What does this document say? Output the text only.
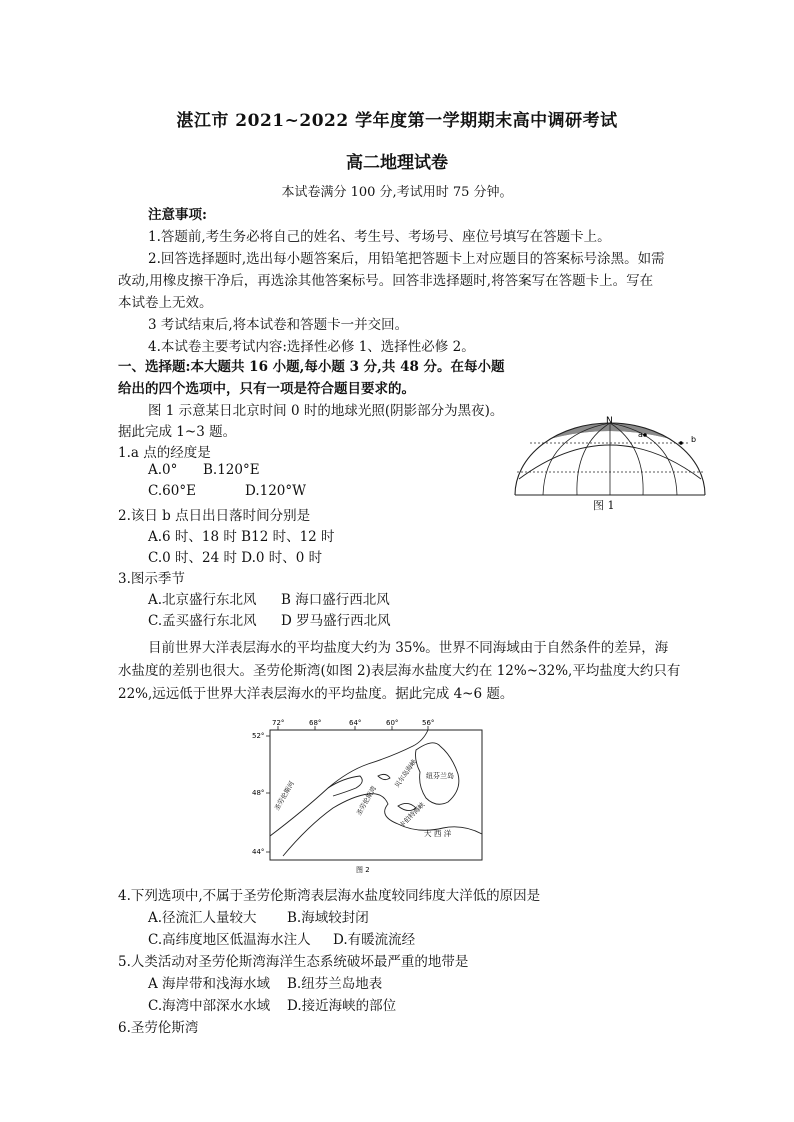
湛江市 2021~2022 学年度第一学期期末高中调研考试
高二地理试卷
本试卷满分 100 分,考试用时 75 分钟。
注意事项:
1.答题前,考生务必将自己的姓名、考生号、考场号、座位号填写在答题卡上。
2.回答选择题时,选出每小题答案后，用铅笔把答题卡上对应题目的答案标号涂黑。如需
改动,用橡皮擦干净后，再选涂其他答案标号。回答非选择题时,将答案写在答题卡上。写在
本试卷上无效。
3 考试结束后,将本试卷和答题卡一并交回。
4.本试卷主要考试内容:选择性必修 1、选择性必修 2。
一、选择题:本大题共 16 小题,每小题 3 分,共 48 分。在每小题
给出的四个选项中，只有一项是符合题目要求的。
图 1 示意某日北京时间 0 时的地球光照(阴影部分为黑夜)。
据此完成 1~3 题。
1.a 点的经度是
A.0° B.120°E
C.60°E	D.120°W
2.该日 b 点日出日落时间分别是
A.6 时、18 时 B12 时、12 时
C.0 时、24 时 D.0 时、0 时
3.图示季节
A.北京盛行东北风 B 海口盛行西北风
C.孟买盛行东北风 D 罗马盛行西北风
N
a
b
图 1
目前世界大洋表层海水的平均盐度大约为 35%。世界不同海域由于自然条件的差异，海
水盐度的差别也很大。圣劳伦斯湾(如图 2)表层海水盐度大约在 12%~32%,平均盐度大约只有
22%,远远低于世界大洋表层海水的平均盐度。据此完成 4~6 题。
72°	68°	64°	60°	56°
52°
48°
44°
圣劳伦斯河	圣劳伦斯湾
贝尔岛海峡 纽芬兰岛
卡伯特海峡
大 西 洋
图 2
4.下列选项中,不属于圣劳伦斯湾表层海水盐度较同纬度大洋低的原因是
A.径流汇人量较大 B.海域较封闭
C.高纬度地区低温海水注人 D.有暖流流经
5.人类活动对圣劳伦斯湾海洋生态系统破坏最严重的地带是
A 海岸带和浅海水域 B.纽芬兰岛地表
C.海湾中部深水水域 D.接近海峡的部位
6.圣劳伦斯湾
